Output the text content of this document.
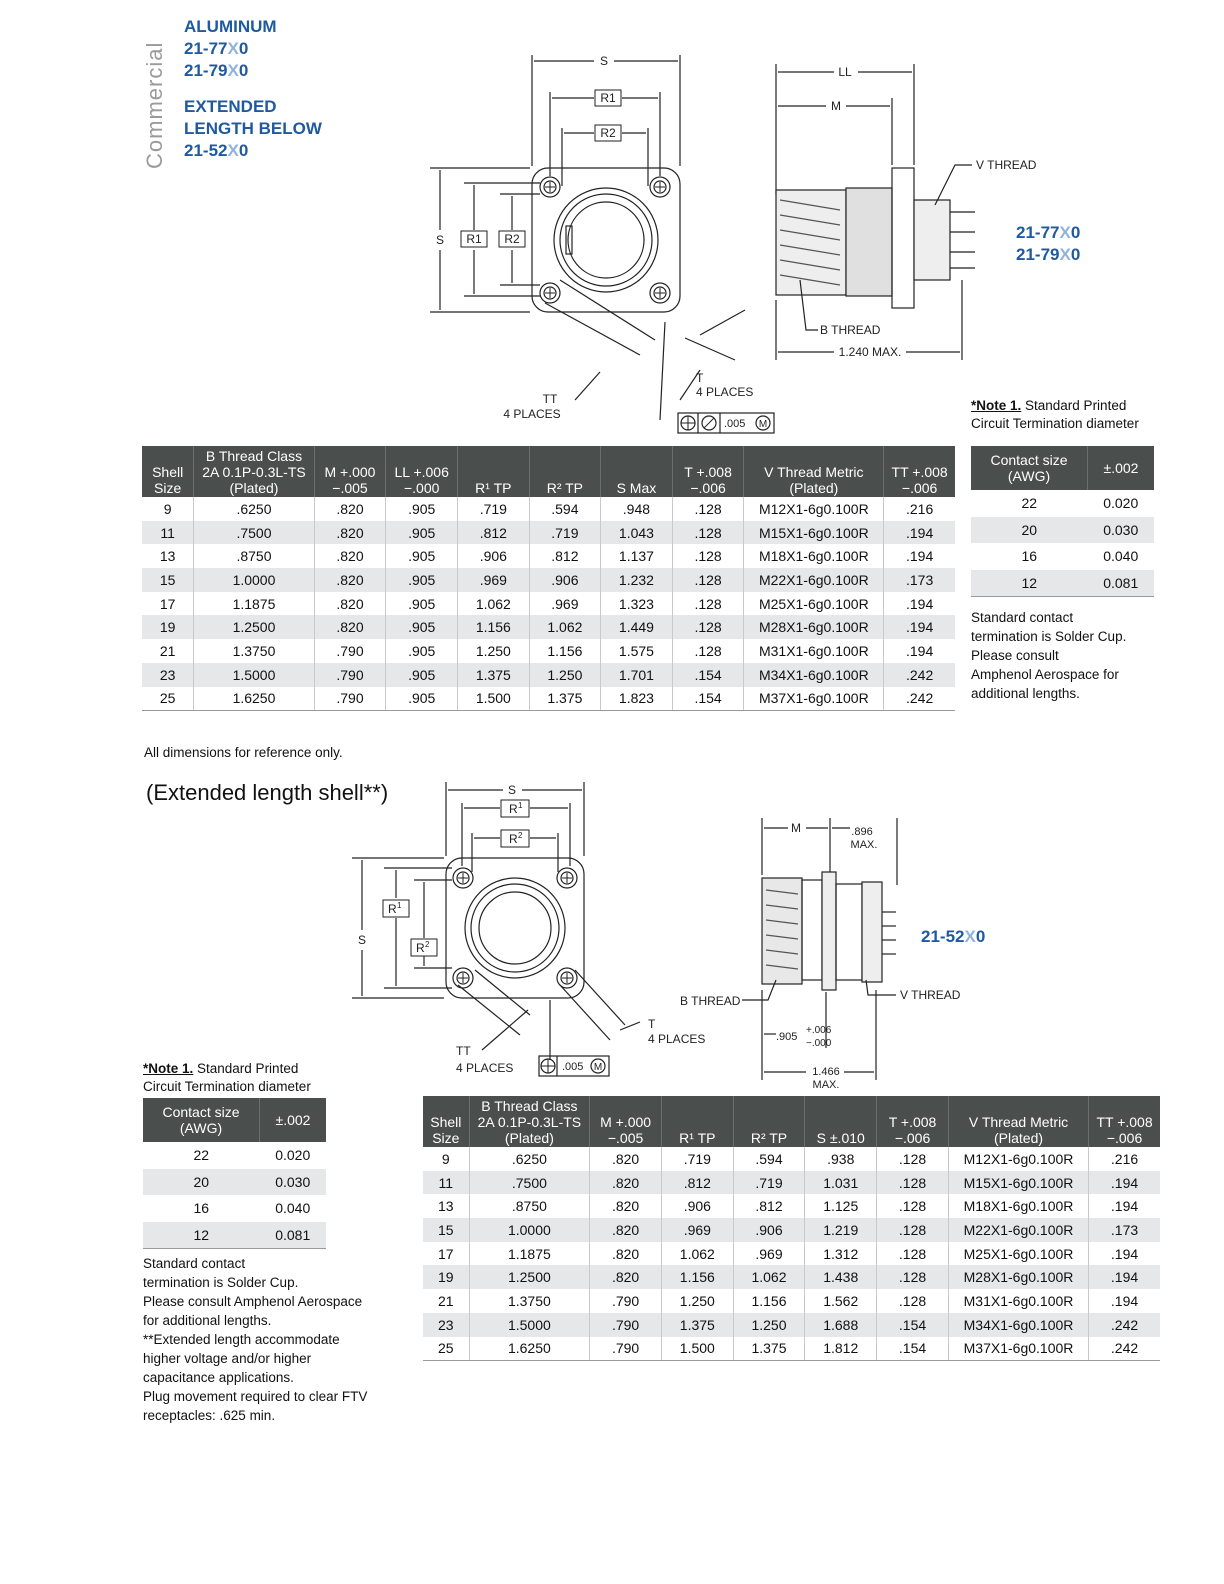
Commercial
ALUMINUM
21-77X0
21-79X0
EXTENDED
LENGTH BELOW
21-52X0
S
R1
R2
S R1 R2
TT
4 PLACES
T
4 PLACES
.005 M
LL
M
V THREAD
B THREAD
1.240 MAX.
21-77X0
21-79X0
Shell Size	B Thread Class 2A 0.1P-0.3L-TS (Plated)	M +.000 −.005	LL +.006 −.000	R¹ TP	R² TP	S Max	T +.008 −.006	V Thread Metric (Plated)	TT +.008 −.006
9	.6250	.820	.905	.719	.594	.948	.128	M12X1-6g0.100R	.216
11	.7500	.820	.905	.812	.719	1.043	.128	M15X1-6g0.100R	.194
13	.8750	.820	.905	.906	.812	1.137	.128	M18X1-6g0.100R	.194
15	1.0000	.820	.905	.969	.906	1.232	.128	M22X1-6g0.100R	.173
17	1.1875	.820	.905	1.062	.969	1.323	.128	M25X1-6g0.100R	.194
19	1.2500	.820	.905	1.156	1.062	1.449	.128	M28X1-6g0.100R	.194
21	1.3750	.790	.905	1.250	1.156	1.575	.128	M31X1-6g0.100R	.194
23	1.5000	.790	.905	1.375	1.250	1.701	.154	M34X1-6g0.100R	.242
25	1.6250	.790	.905	1.500	1.375	1.823	.154	M37X1-6g0.100R	.242
All dimensions for reference only.
*Note 1. Standard Printed
Circuit Termination diameter
Contact size (AWG)	±.002
22	0.020
20	0.030
16	0.040
12	0.081
Standard contact
termination is Solder Cup.
Please consult
Amphenol Aerospace for
additional lengths.
(Extended length shell**)	S
R 1
R 2
S
R 1
R 2
TT
4 PLACES
T
4 PLACES
.005 M
M	.896
MAX.
B THREAD	V THREAD
.905
+.006
−.000
1.466
MAX.
21-52X0
*Note 1. Standard Printed
Circuit Termination diameter
Contact size (AWG)	±.002
22	0.020
20	0.030
16	0.040
12	0.081
Standard contact
termination is Solder Cup.
Please consult Amphenol Aerospace
for additional lengths.
**Extended length accommodate
higher voltage and/or higher
capacitance applications.
Plug movement required to clear FTV
receptacles: .625 min.
Shell Size	B Thread Class 2A 0.1P-0.3L-TS (Plated)	M +.000 −.005	R¹ TP	R² TP	S ±.010	T +.008 −.006	V Thread Metric (Plated)	TT +.008 −.006
9	.6250	.820	.719	.594	.938	.128	M12X1-6g0.100R	.216
11	.7500	.820	.812	.719	1.031	.128	M15X1-6g0.100R	.194
13	.8750	.820	.906	.812	1.125	.128	M18X1-6g0.100R	.194
15	1.0000	.820	.969	.906	1.219	.128	M22X1-6g0.100R	.173
17	1.1875	.820	1.062	.969	1.312	.128	M25X1-6g0.100R	.194
19	1.2500	.820	1.156	1.062	1.438	.128	M28X1-6g0.100R	.194
21	1.3750	.790	1.250	1.156	1.562	.128	M31X1-6g0.100R	.194
23	1.5000	.790	1.375	1.250	1.688	.154	M34X1-6g0.100R	.242
25	1.6250	.790	1.500	1.375	1.812	.154	M37X1-6g0.100R	.242
